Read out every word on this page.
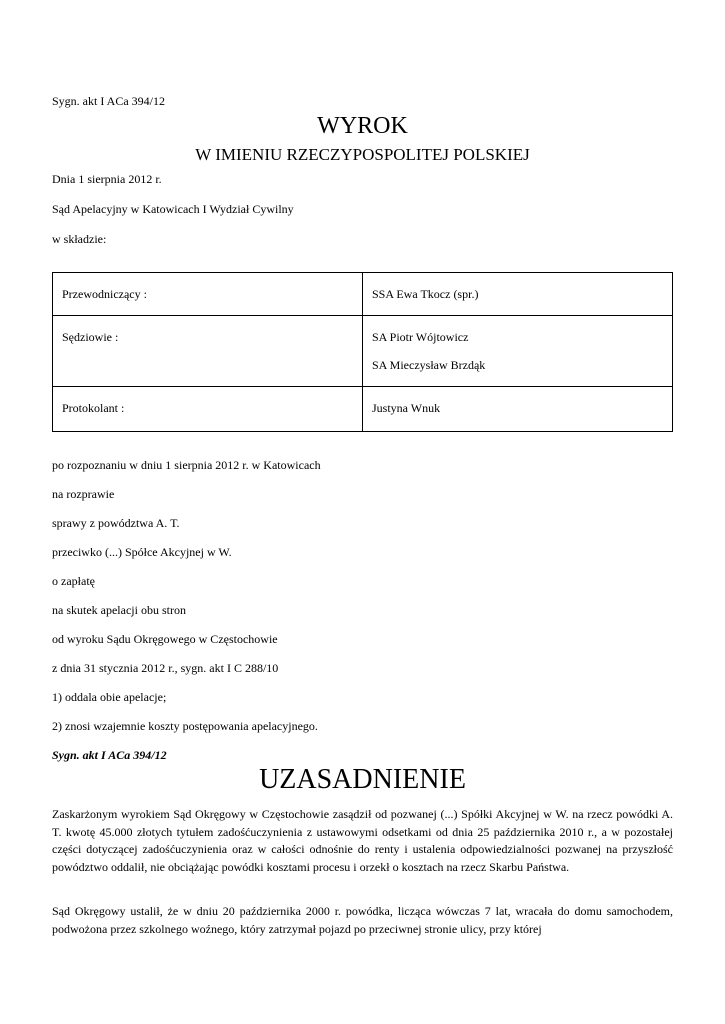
Sygn. akt I ACa 394/12
WYROK
W IMIENIU RZECZYPOSPOLITEJ POLSKIEJ
Dnia 1 sierpnia 2012 r.
Sąd Apelacyjny w Katowicach I Wydział Cywilny
w składzie:
Przewodniczący :	SSA Ewa Tkocz (spr.)

Sędziowie :	SA Piotr Wójtowicz
SA Mieczysław Brzdąk

Protokolant :	Justyna Wnuk
po rozpoznaniu w dniu 1 sierpnia 2012 r. w Katowicach
na rozprawie
sprawy z powództwa A. T.
przeciwko (...) Spółce Akcyjnej w W.
o zapłatę
na skutek apelacji obu stron
od wyroku Sądu Okręgowego w Częstochowie
z dnia 31 stycznia 2012 r., sygn. akt I C 288/10
1) oddala obie apelacje;
2) znosi wzajemnie koszty postępowania apelacyjnego.
Sygn. akt I ACa 394/12
UZASADNIENIE
Zaskarżonym wyrokiem Sąd Okręgowy w Częstochowie zasądził od pozwanej (...) Spółki Akcyjnej w W. na rzecz powódki A. T. kwotę 45.000 złotych tytułem zadośćuczynienia z ustawowymi odsetkami od dnia 25 października 2010 r., a w pozostałej części dotyczącej zadośćuczynienia oraz w całości odnośnie do renty i ustalenia odpowiedzialności pozwanej na przyszłość powództwo oddalił, nie obciążając powódki kosztami procesu i orzekł o kosztach na rzecz Skarbu Państwa.
Sąd Okręgowy ustalił, że w dniu 20 października 2000 r. powódka, licząca wówczas 7 lat, wracała do domu samochodem, podwożona przez szkolnego woźnego, który zatrzymał pojazd po przeciwnej stronie ulicy, przy której
